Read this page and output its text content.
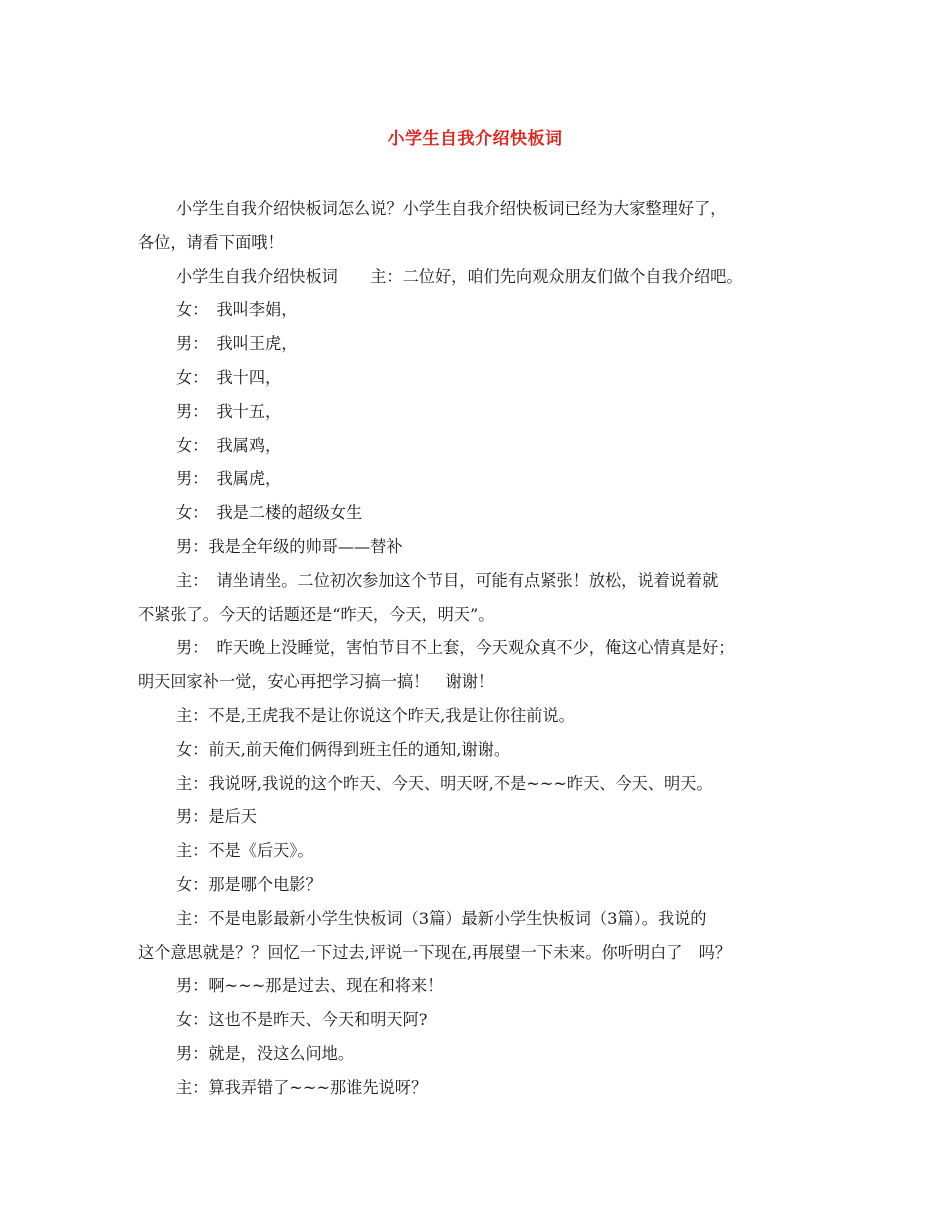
小学生自我介绍快板词
小学生自我介绍快板词怎么说？小学生自我介绍快板词已经为大家整理好了，
各位，请看下面哦！
小学生自我介绍快板词　　主：二位好，咱们先向观众朋友们做个自我介绍吧。
女：　我叫李娟，
男：　我叫王虎，
女：　我十四，
男：　我十五，
女：　我属鸡，
男：　我属虎，
女：　我是二楼的超级女生
男：我是全年级的帅哥——替补
主：　请坐请坐。二位初次参加这个节目，可能有点紧张！放松，说着说着就
不紧张了。今天的话题还是“昨天，今天，明天”。
男：　昨天晚上没睡觉，害怕节目不上套，今天观众真不少，俺这心情真是好；
明天回家补一觉，安心再把学习搞一搞！　谢谢！
主：不是,王虎我不是让你说这个昨天,我是让你往前说。
女：前天,前天俺们俩得到班主任的通知,谢谢。
主：我说呀,我说的这个昨天、今天、明天呀,不是~~~昨天、今天、明天。
男：是后天
主：不是《后天》。
女：那是哪个电影？
主：不是电影最新小学生快板词（3篇）最新小学生快板词（3篇）。我说的
这个意思就是？？回忆一下过去,评说一下现在,再展望一下未来。你听明白了　吗？
男：啊~~~那是过去、现在和将来！
女：这也不是昨天、今天和明天阿?
男：就是，没这么问地。
主：算我弄错了~~~那谁先说呀？
